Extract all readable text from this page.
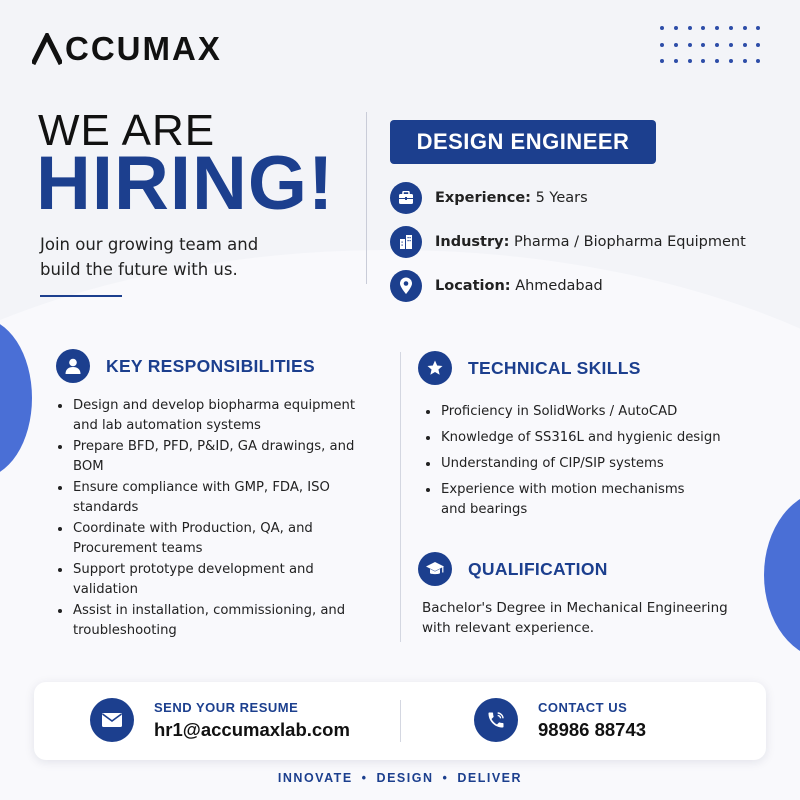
CCUMAX
WE ARE
HIRING!
Join our growing team and build the future with us.
DESIGN ENGINEER
Experience: 5 Years
Industry: Pharma / Biopharma Equipment
Location: Ahmedabad
KEY RESPONSIBILITIES
Design and develop biopharma equipment and lab automation systems
Prepare BFD, PFD, P&ID, GA drawings, and BOM
Ensure compliance with GMP, FDA, ISO standards
Coordinate with Production, QA, and Procurement teams
Support prototype development and validation
Assist in installation, commissioning, and troubleshooting
TECHNICAL SKILLS
Proficiency in SolidWorks / AutoCAD
Knowledge of SS316L and hygienic design
Understanding of CIP/SIP systems
Experience with motion mechanisms and bearings
QUALIFICATION
Bachelor's Degree in Mechanical Engineering with relevant experience.
SEND YOUR RESUME
hr1@accumaxlab.com
CONTACT US
98986 88743
INNOVATE • DESIGN • DELIVER
